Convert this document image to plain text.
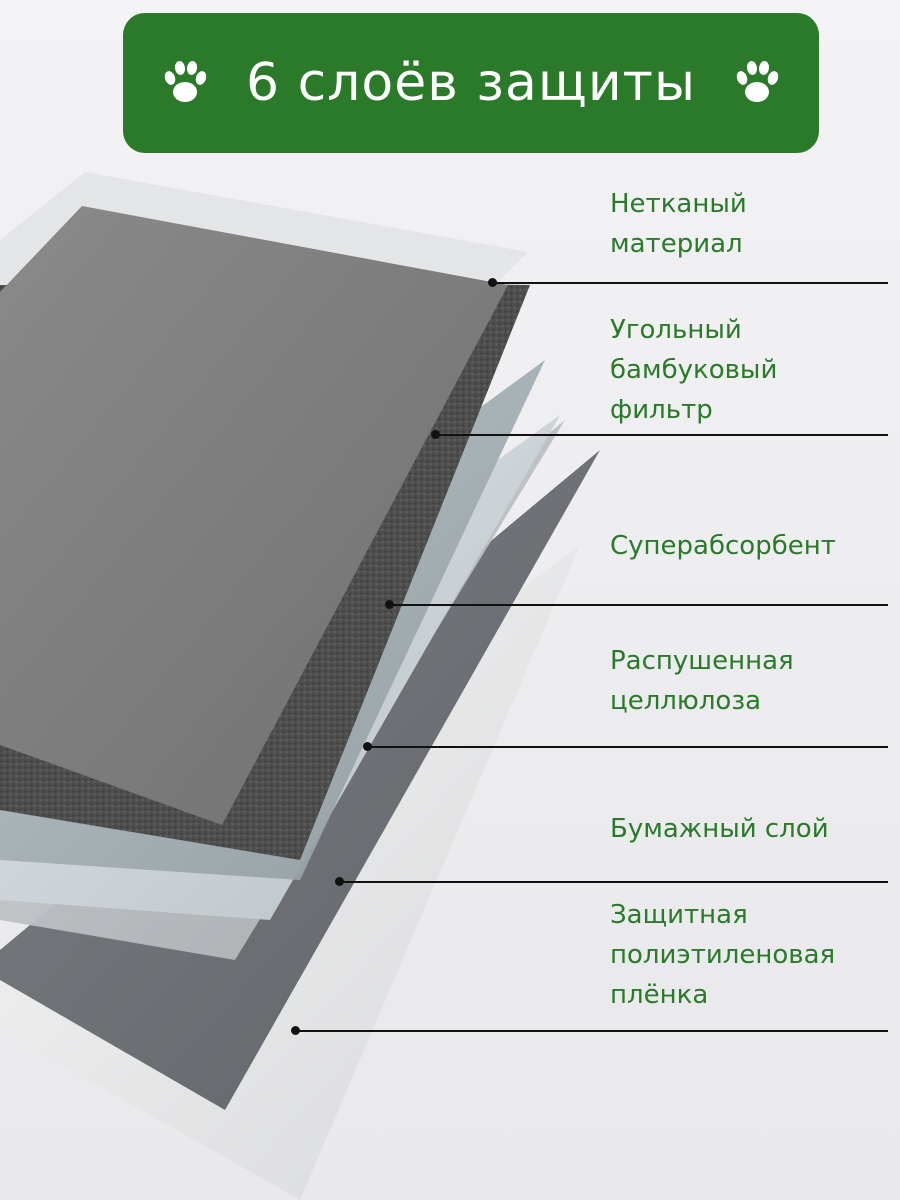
6 слоёв защиты
Нетканый
материал
Угольный
бамбуковый
фильтр
Суперабсорбент
Распушенная
целлюлоза
Бумажный слой
Защитная
полиэтиленовая
плёнка
